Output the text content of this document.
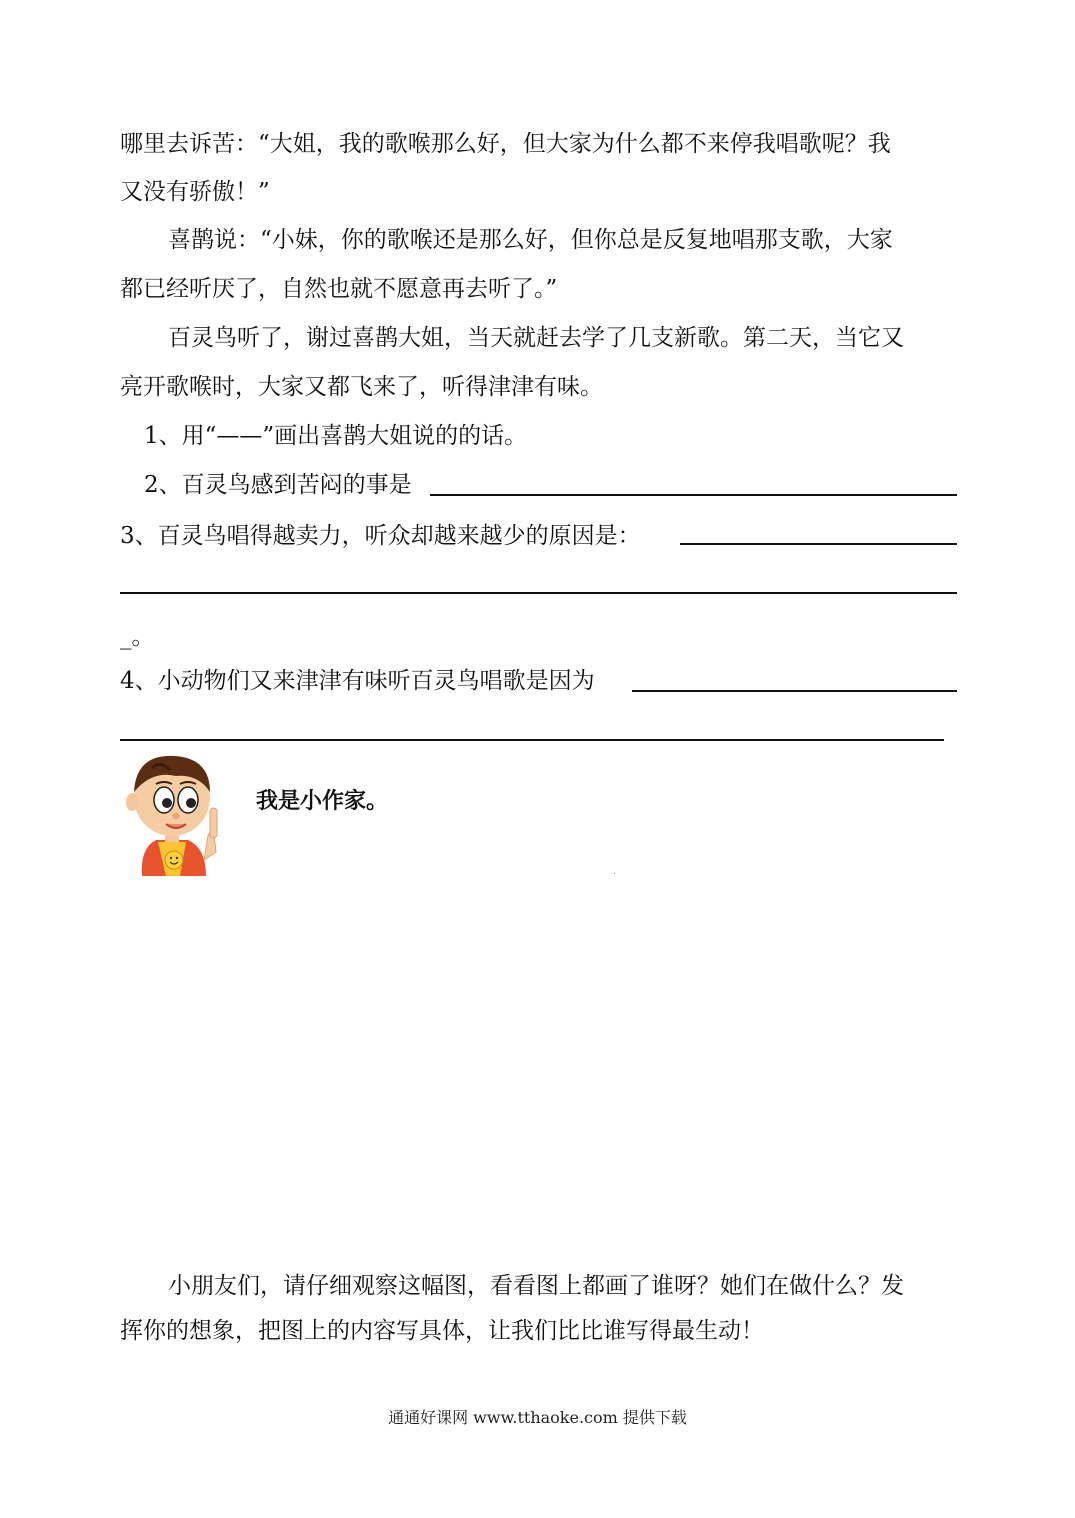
哪里去诉苦：“大姐，我的歌喉那么好，但大家为什么都不来停我唱歌呢？我
又没有骄傲！”
喜鹊说：“小妹，你的歌喉还是那么好，但你总是反复地唱那支歌，大家
都已经听厌了，自然也就不愿意再去听了。”
百灵鸟听了，谢过喜鹊大姐，当天就赶去学了几支新歌。第二天，当它又
亮开歌喉时，大家又都飞来了，听得津津有味。
1、用“——”画出喜鹊大姐说的的话。
2、百灵鸟感到苦闷的事是
3、百灵鸟唱得越卖力，听众却越来越少的原因是：
_。
4、小动物们又来津津有味听百灵鸟唱歌是因为
我是小作家。
小朋友们，请仔细观察这幅图，看看图上都画了谁呀？她们在做什么？发
挥你的想象，把图上的内容写具体，让我们比比谁写得最生动！
通通好课网 www.tthaoke.com 提供下载
